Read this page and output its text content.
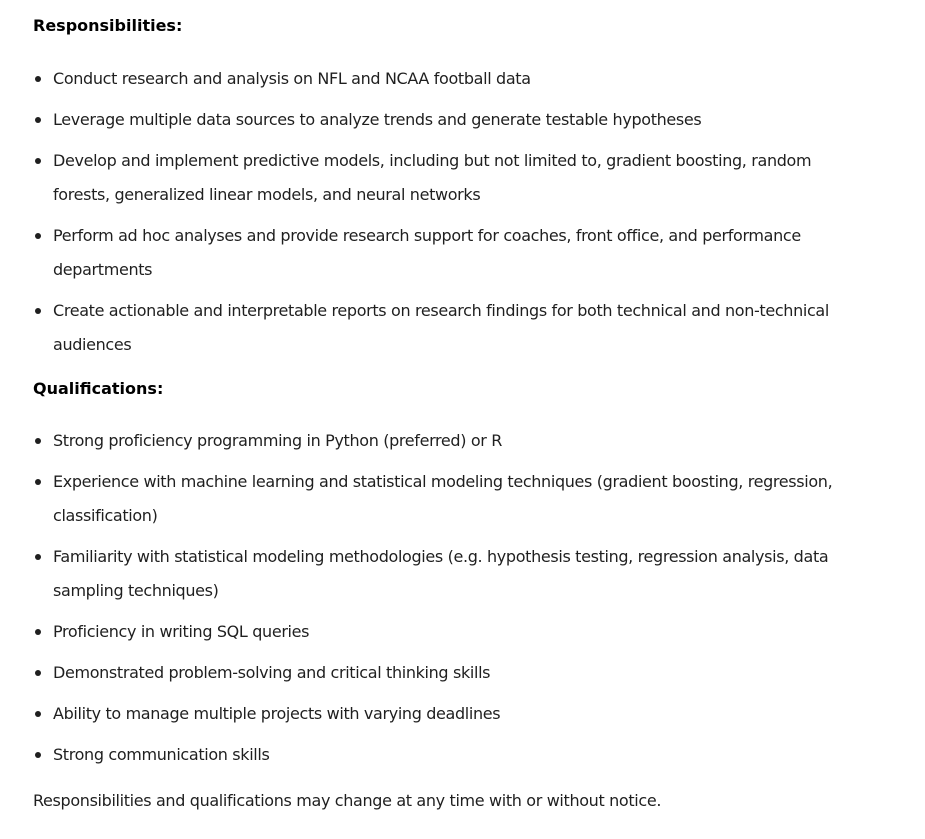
Responsibilities:

Conduct research and analysis on NFL and NCAA football data
Leverage multiple data sources to analyze trends and generate testable hypotheses
Develop and implement predictive models, including but not limited to, gradient boosting, random forests, generalized linear models, and neural networks
Perform ad hoc analyses and provide research support for coaches, front office, and performance departments
Create actionable and interpretable reports on research findings for both technical and non-technical audiences

Qualifications:

Strong proficiency programming in Python (preferred) or R
Experience with machine learning and statistical modeling techniques (gradient boosting, regression, classification)
Familiarity with statistical modeling methodologies (e.g. hypothesis testing, regression analysis, data sampling techniques)
Proficiency in writing SQL queries
Demonstrated problem-solving and critical thinking skills
Ability to manage multiple projects with varying deadlines
Strong communication skills

Responsibilities and qualifications may change at any time with or without notice.
